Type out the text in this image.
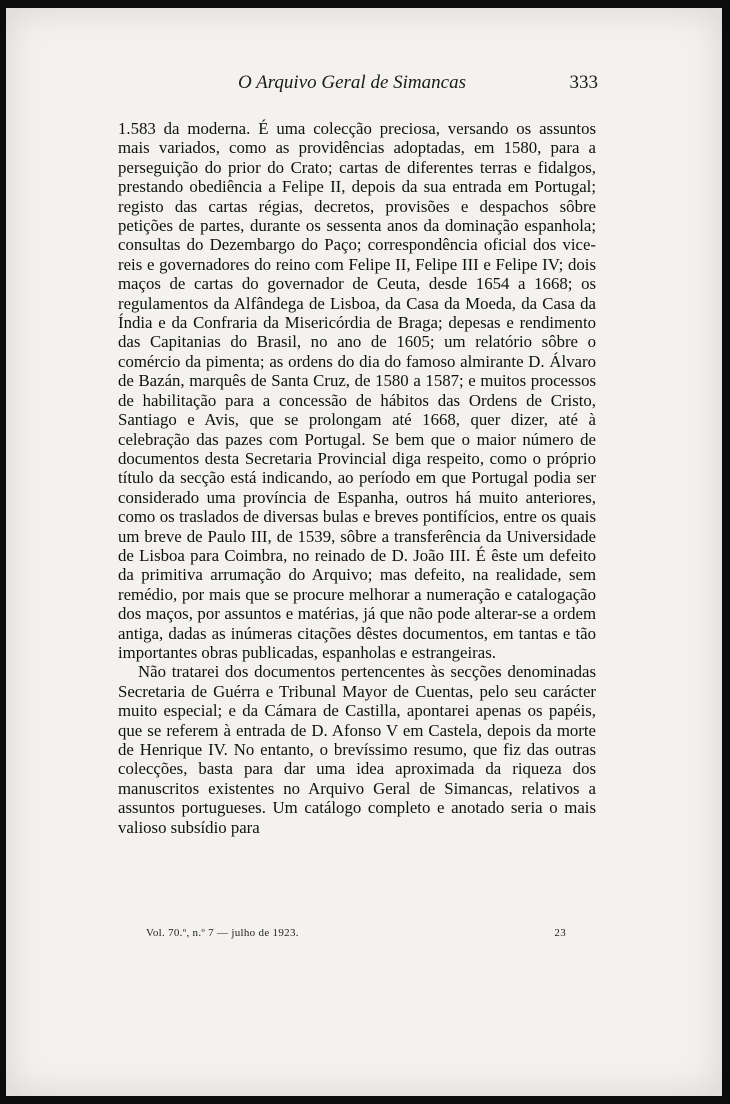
O Arquivo Geral de Simancas	333

1.583 da moderna. É uma colecção preciosa, versando os assuntos mais variados, como as providências adoptadas, em 1580, para a perseguição do prior do Crato; cartas de diferentes terras e fidalgos, prestando obediência a Felipe II, depois da sua entrada em Portugal; registo das cartas régias, decretos, provisões e despachos sôbre petições de partes, durante os sessenta anos da dominação espanhola; consultas do Dezembargo do Paço; correspondência oficial dos vice-reis e governadores do reino com Felipe II, Felipe III e Felipe IV; dois maços de cartas do governador de Ceuta, desde 1654 a 1668; os regulamentos da Alfândega de Lisboa, da Casa da Moeda, da Casa da Índia e da Confraria da Misericórdia de Braga; depesas e rendimento das Capitanias do Brasil, no ano de 1605; um relatório sôbre o comércio da pimenta; as ordens do dia do famoso almirante D. Álvaro de Bazán, marquês de Santa Cruz, de 1580 a 1587; e muitos processos de habilitação para a concessão de hábitos das Ordens de Cristo, Santiago e Avis, que se prolongam até 1668, quer dizer, até à celebração das pazes com Portugal. Se bem que o maior número de documentos desta Secretaria Provincial diga respeito, como o próprio título da secção está indicando, ao período em que Portugal podia ser considerado uma província de Espanha, outros há muito anteriores, como os traslados de diversas bulas e breves pontifícios, entre os quais um breve de Paulo III, de 1539, sôbre a transferência da Universidade de Lisboa para Coimbra, no reinado de D. João III. É êste um defeito da primitiva arrumação do Arquivo; mas defeito, na realidade, sem remédio, por mais que se procure melhorar a numeração e catalogação dos maços, por assuntos e matérias, já que não pode alterar-se a ordem antiga, dadas as inúmeras citações dêstes documentos, em tantas e tão importantes obras publicadas, espanholas e estrangeiras.

Não tratarei dos documentos pertencentes às secções denominadas Secretaria de Guérra e Tribunal Mayor de Cuentas, pelo seu carácter muito especial; e da Cámara de Castilla, apontarei apenas os papéis, que se referem à entrada de D. Afonso V em Castela, depois da morte de Henrique IV. No entanto, o brevíssimo resumo, que fiz das outras colecções, basta para dar uma idea aproximada da riqueza dos manuscritos existentes no Arquivo Geral de Simancas, relativos a assuntos portugueses. Um catálogo completo e anotado seria o mais valioso subsídio para

Vol. 70.º, n.º 7 — julho de 1923.	23
